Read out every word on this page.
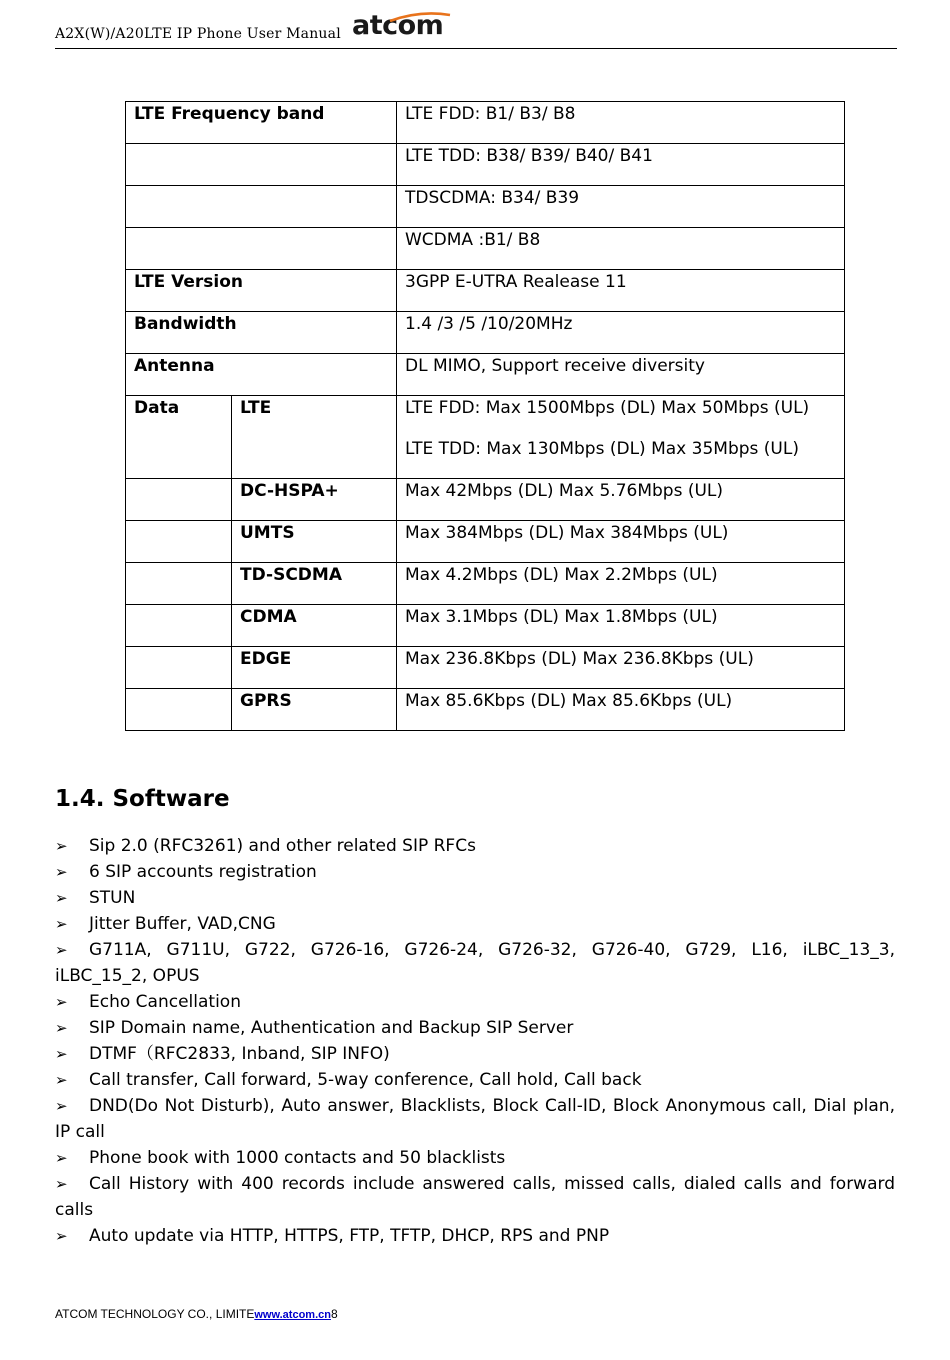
A2X(W)/A20LTE IP Phone User Manual atcom
LTE Frequency band		LTE FDD: B1/ B3/ B8

		LTE TDD: B38/ B39/ B40/ B41

		TDSCDMA: B34/ B39

		WCDMA :B1/ B8

LTE Version		3GPP E-UTRA Realease 11

Bandwidth		1.4 /3 /5 /10/20MHz

Antenna		DL MIMO, Support receive diversity

Data	LTE	LTE FDD: Max 1500Mbps (DL) Max 50Mbps (UL)
LTE TDD: Max 130Mbps (DL) Max 35Mbps (UL)

	DC-HSPA+	Max 42Mbps (DL) Max 5.76Mbps (UL)

	UMTS	Max 384Mbps (DL) Max 384Mbps (UL)

	TD-SCDMA	Max 4.2Mbps (DL) Max 2.2Mbps (UL)

	CDMA	Max 3.1Mbps (DL) Max 1.8Mbps (UL)

	EDGE	Max 236.8Kbps (DL) Max 236.8Kbps (UL)

	GPRS	Max 85.6Kbps (DL) Max 85.6Kbps (UL)
1.4. Software
➢ Sip 2.0 (RFC3261) and other related SIP RFCs
➢ 6 SIP accounts registration
➢ STUN
➢ Jitter Buffer, VAD,CNG
➢ G711A, G711U, G722, G726-16, G726-24, G726-32, G726-40, G729, L16, iLBC_13_3, iLBC_15_2, OPUS
➢ Echo Cancellation
➢ SIP Domain name, Authentication and Backup SIP Server
➢ DTMF（RFC2833, Inband, SIP INFO)
➢ Call transfer, Call forward, 5-way conference, Call hold, Call back
➢ DND(Do Not Disturb), Auto answer, Blacklists, Block Call-ID, Block Anonymous call, Dial plan, IP call
➢ Phone book with 1000 contacts and 50 blacklists
➢ Call History with 400 records include answered calls, missed calls, dialed calls and forward calls
➢ Auto update via HTTP, HTTPS, FTP, TFTP, DHCP, RPS and PNP
ATCOM TECHNOLOGY CO., LIMITEwww.atcom.cn8
